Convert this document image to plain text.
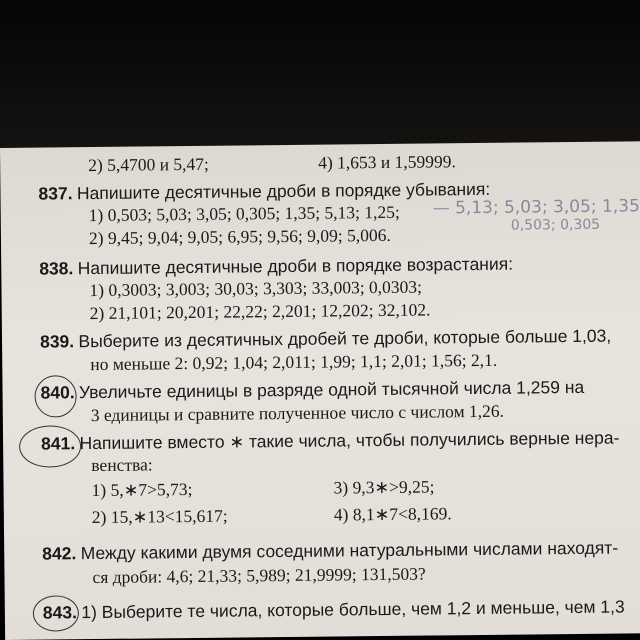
2) 5,4700 и 5,47;	4) 1,653 и 1,59999.
837. Напишите десятичные дроби в порядке убывания:
1) 0,503; 5,03; 3,05; 0,305; 1,35; 5,13; 1,25;
2) 9,45; 9,04; 9,05; 6,95; 9,56; 9,09; 5,006.
— 5,13; 5,03; 3,05; 1,35
0,503; 0,305
838. Напишите десятичные дроби в порядке возрастания:
1) 0,3003; 3,003; 30,03; 3,303; 33,003; 0,0303;
2) 21,101; 20,201; 22,22; 2,201; 12,202; 32,102.
839. Выберите из десятичных дробей те дроби, которые больше 1,03,
но меньше 2: 0,92; 1,04; 2,011; 1,99; 1,1; 2,01; 1,56; 2,1.
840. Увеличьте единицы в разряде одной тысячной числа 1,259 на
3 единицы и сравните полученное число с числом 1,26.
841. Напишите вместо ∗ такие числа, чтобы получились верные нера-
венства:
1) 5,∗7>5,73;	3) 9,3∗>9,25;
2) 15,∗13<15,617;	4) 8,1∗7<8,169.
842. Между какими двумя соседними натуральными числами находят-
ся дроби: 4,6; 21,33; 5,989; 21,9999; 131,503?
843. 1) Выберите те числа, которые больше, чем 1,2 и меньше, чем 1,3
